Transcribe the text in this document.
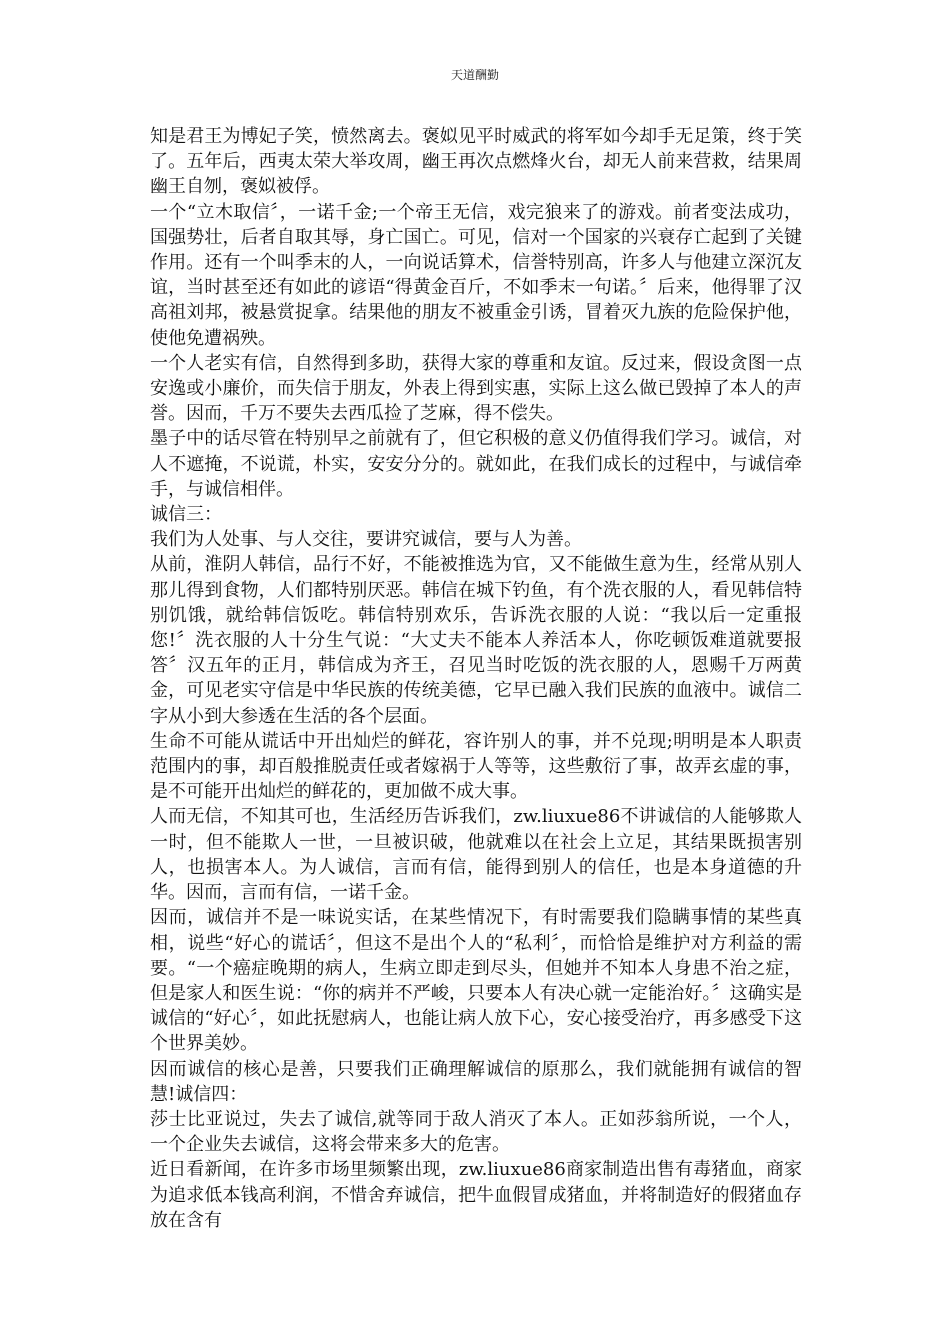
天道酬勤

知是君王为博妃子笑，愤然离去。褒姒见平时威武的将军如今却手无足策，终于笑了。五年后，西夷太荣大举攻周，幽王再次点燃烽火台，却无人前来营救，结果周幽王自刎，褒姒被俘。

一个“立木取信〞，一诺千金;一个帝王无信，戏完狼来了的游戏。前者变法成功，国强势壮，后者自取其辱，身亡国亡。可见，信对一个国家的兴衰存亡起到了关键作用。还有一个叫季末的人，一向说话算术，信誉特别高，许多人与他建立深沉友谊，当时甚至还有如此的谚语“得黄金百斤，不如季末一句诺。〞后来，他得罪了汉高祖刘邦，被悬赏捉拿。结果他的朋友不被重金引诱，冒着灭九族的危险保护他，使他免遭祸殃。

一个人老实有信，自然得到多助，获得大家的尊重和友谊。反过来，假设贪图一点安逸或小廉价，而失信于朋友，外表上得到实惠，实际上这么做已毁掉了本人的声誉。因而，千万不要失去西瓜捡了芝麻，得不偿失。

墨子中的话尽管在特别早之前就有了，但它积极的意义仍值得我们学习。诚信，对人不遮掩，不说谎，朴实，安安分分的。就如此，在我们成长的过程中，与诚信牵手，与诚信相伴。

诚信三：

我们为人处事、与人交往，要讲究诚信，要与人为善。

从前，淮阴人韩信，品行不好，不能被推选为官，又不能做生意为生，经常从别人那儿得到食物，人们都特别厌恶。韩信在城下钓鱼，有个洗衣服的人，看见韩信特别饥饿，就给韩信饭吃。韩信特别欢乐，告诉洗衣服的人说：“我以后一定重报您!〞洗衣服的人十分生气说：“大丈夫不能本人养活本人，你吃顿饭难道就要报答〞汉五年的正月，韩信成为齐王，召见当时吃饭的洗衣服的人，恩赐千万两黄金，可见老实守信是中华民族的传统美德，它早已融入我们民族的血液中。诚信二字从小到大参透在生活的各个层面。

生命不可能从谎话中开出灿烂的鲜花，容许别人的事，并不兑现;明明是本人职责范围内的事，却百般推脱责任或者嫁祸于人等等，这些敷衍了事，故弄玄虚的事，是不可能开出灿烂的鲜花的，更加做不成大事。

人而无信，不知其可也，生活经历告诉我们，zw.liuxue86不讲诚信的人能够欺人一时，但不能欺人一世，一旦被识破，他就难以在社会上立足，其结果既损害别人，也损害本人。为人诚信，言而有信，能得到别人的信任，也是本身道德的升华。因而，言而有信，一诺千金。

因而，诚信并不是一味说实话，在某些情况下，有时需要我们隐瞒事情的某些真相，说些“好心的谎话〞，但这不是出个人的“私利〞，而恰恰是维护对方利益的需要。“一个癌症晚期的病人，生病立即走到尽头，但她并不知本人身患不治之症，但是家人和医生说：“你的病并不严峻，只要本人有决心就一定能治好。〞这确实是诚信的“好心〞，如此抚慰病人，也能让病人放下心，安心接受治疗，再多感受下这个世界美妙。

因而诚信的核心是善，只要我们正确理解诚信的原那么，我们就能拥有诚信的智慧!诚信四：

莎士比亚说过，失去了诚信,就等同于敌人消灭了本人。正如莎翁所说，一个人，一个企业失去诚信，这将会带来多大的危害。

近日看新闻，在许多市场里频繁出现，zw.liuxue86商家制造出售有毒猪血，商家为追求低本钱高利润，不惜舍弃诚信，把牛血假冒成猪血，并将制造好的假猪血存放在含有
